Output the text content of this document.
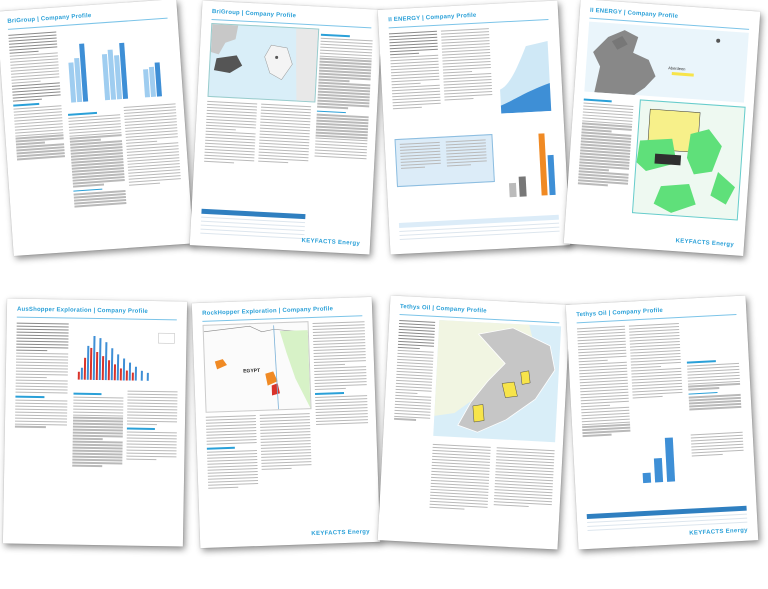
BriGroup | Company Profile	BriGroup | Company Profile
KEYFACTS Energy
II ENERGY | Company Profile	II ENERGY | Company Profile
Aberdeen
KEYFACTS Energy
AusShopper Exploration | Company Profile	RockHopper Exploration | Company Profile
EGYPT
KEYFACTS Energy
Tethys Oil | Company Profile	Tethys Oil | Company Profile
KEYFACTS Energy
